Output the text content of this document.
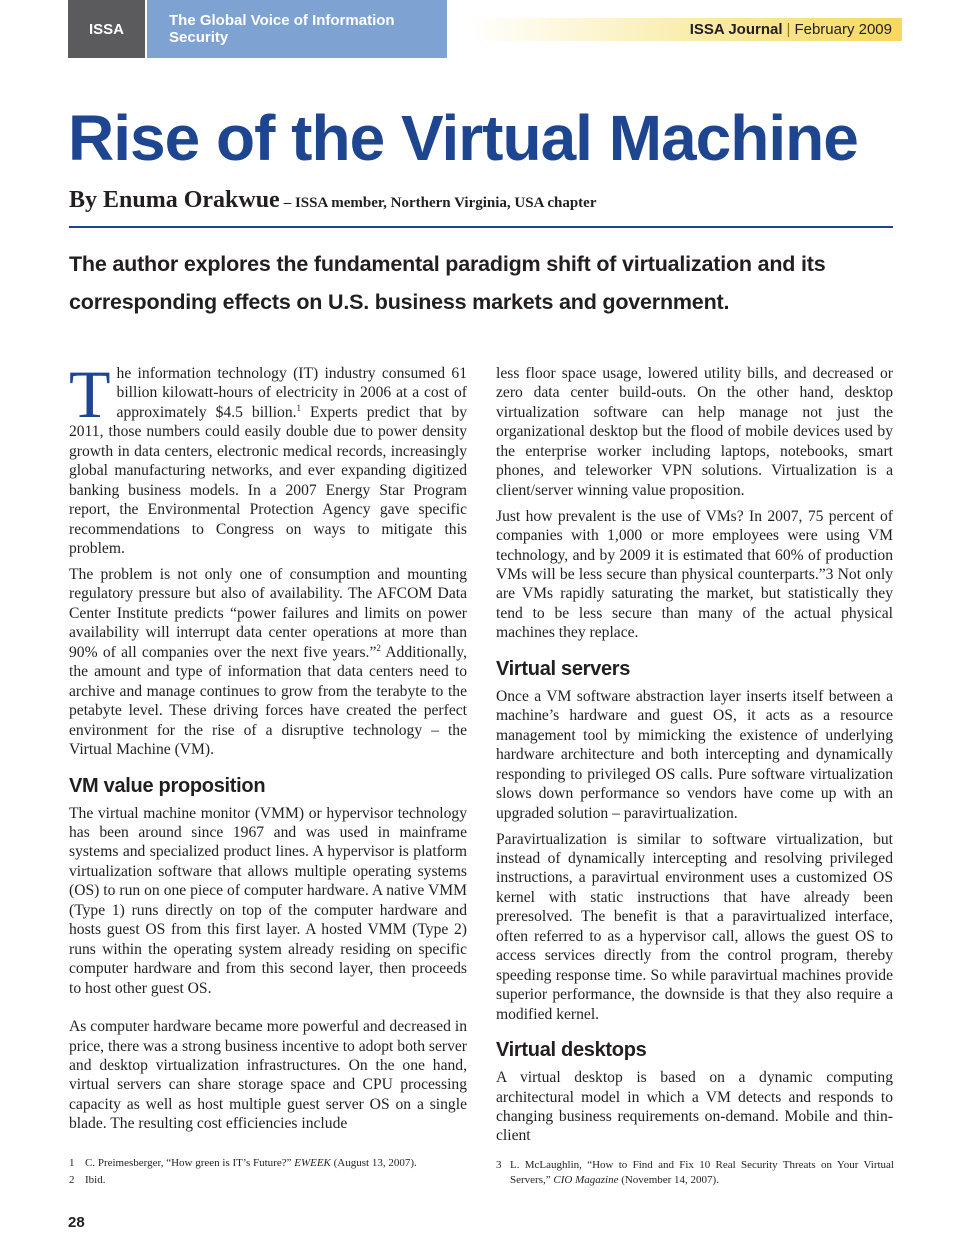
ISSA	The Global Voice of Information Security	ISSA Journal | February 2009
Rise of the Virtual Machine
By Enuma Orakwue – ISSA member, Northern Virginia, USA chapter
The author explores the fundamental paradigm shift of virtualization and its corresponding effects on U.S. business markets and government.

The information technology (IT) industry consumed 61 billion kilowatt-hours of electricity in 2006 at a cost of approximately $4.5 billion.$^1$ Experts predict that by 2011, those numbers could easily double due to power density growth in data centers, electronic medical records, increasingly global manufacturing networks, and ever expanding digitized banking business models. In a 2007 Energy Star Program report, the Environmental Protection Agency gave specific recommendations to Congress on ways to mitigate this problem.

The problem is not only one of consumption and mounting regulatory pressure but also of availability. The AFCOM Data Center Institute predicts “power failures and limits on power availability will interrupt data center operations at more than 90% of all companies over the next five years.”$^2$ Additionally, the amount and type of information that data centers need to archive and manage continues to grow from the terabyte to the petabyte level. These driving forces have created the perfect environment for the rise of a disruptive technology – the Virtual Machine (VM).

VM value proposition

The virtual machine monitor (VMM) or hypervisor technology has been around since 1967 and was used in mainframe systems and specialized product lines. A hypervisor is platform virtualization software that allows multiple operating systems (OS) to run on one piece of computer hardware. A native VMM (Type 1) runs directly on top of the computer hardware and hosts guest OS from this first layer. A hosted VMM (Type 2) runs within the operating system already residing on specific computer hardware and from this second layer, then proceeds to host other guest OS.

As computer hardware became more powerful and decreased in price, there was a strong business incentive to adopt both server and desktop virtualization infrastructures. On the one hand, virtual servers can share storage space and CPU processing capacity as well as host multiple guest server OS on a single blade. The resulting cost efficiencies include

less floor space usage, lowered utility bills, and decreased or zero data center build-outs. On the other hand, desktop virtualization software can help manage not just the organizational desktop but the flood of mobile devices used by the enterprise worker including laptops, notebooks, smart phones, and teleworker VPN solutions. Virtualization is a client/server winning value proposition.

Just how prevalent is the use of VMs? In 2007, 75 percent of companies with 1,000 or more employees were using VM technology, and by 2009 it is estimated that 60% of production VMs will be less secure than physical counterparts.”3 Not only are VMs rapidly saturating the market, but statistically they tend to be less secure than many of the actual physical machines they replace.

Virtual servers

Once a VM software abstraction layer inserts itself between a machine’s hardware and guest OS, it acts as a resource management tool by mimicking the existence of underlying hardware architecture and both intercepting and dynamically responding to privileged OS calls. Pure software virtualization slows down performance so vendors have come up with an upgraded solution – paravirtualization.

Paravirtualization is similar to software virtualization, but instead of dynamically intercepting and resolving privileged instructions, a paravirtual environment uses a customized OS kernel with static instructions that have already been preresolved. The benefit is that a paravirtualized interface, often referred to as a hypervisor call, allows the guest OS to access services directly from the control program, thereby speeding response time. So while paravirtual machines provide superior performance, the downside is that they also require a modified kernel.

Virtual desktops

A virtual desktop is based on a dynamic computing architectural model in which a VM detects and responds to changing business requirements on-demand. Mobile and thin-client

1 C. Preimesberger, “How green is IT’s Future?” EWEEK (August 13, 2007).
2 Ibid.
3 L. McLaughlin, “How to Find and Fix 10 Real Security Threats on Your Virtual
Servers,” CIO Magazine (November 14, 2007).
28
